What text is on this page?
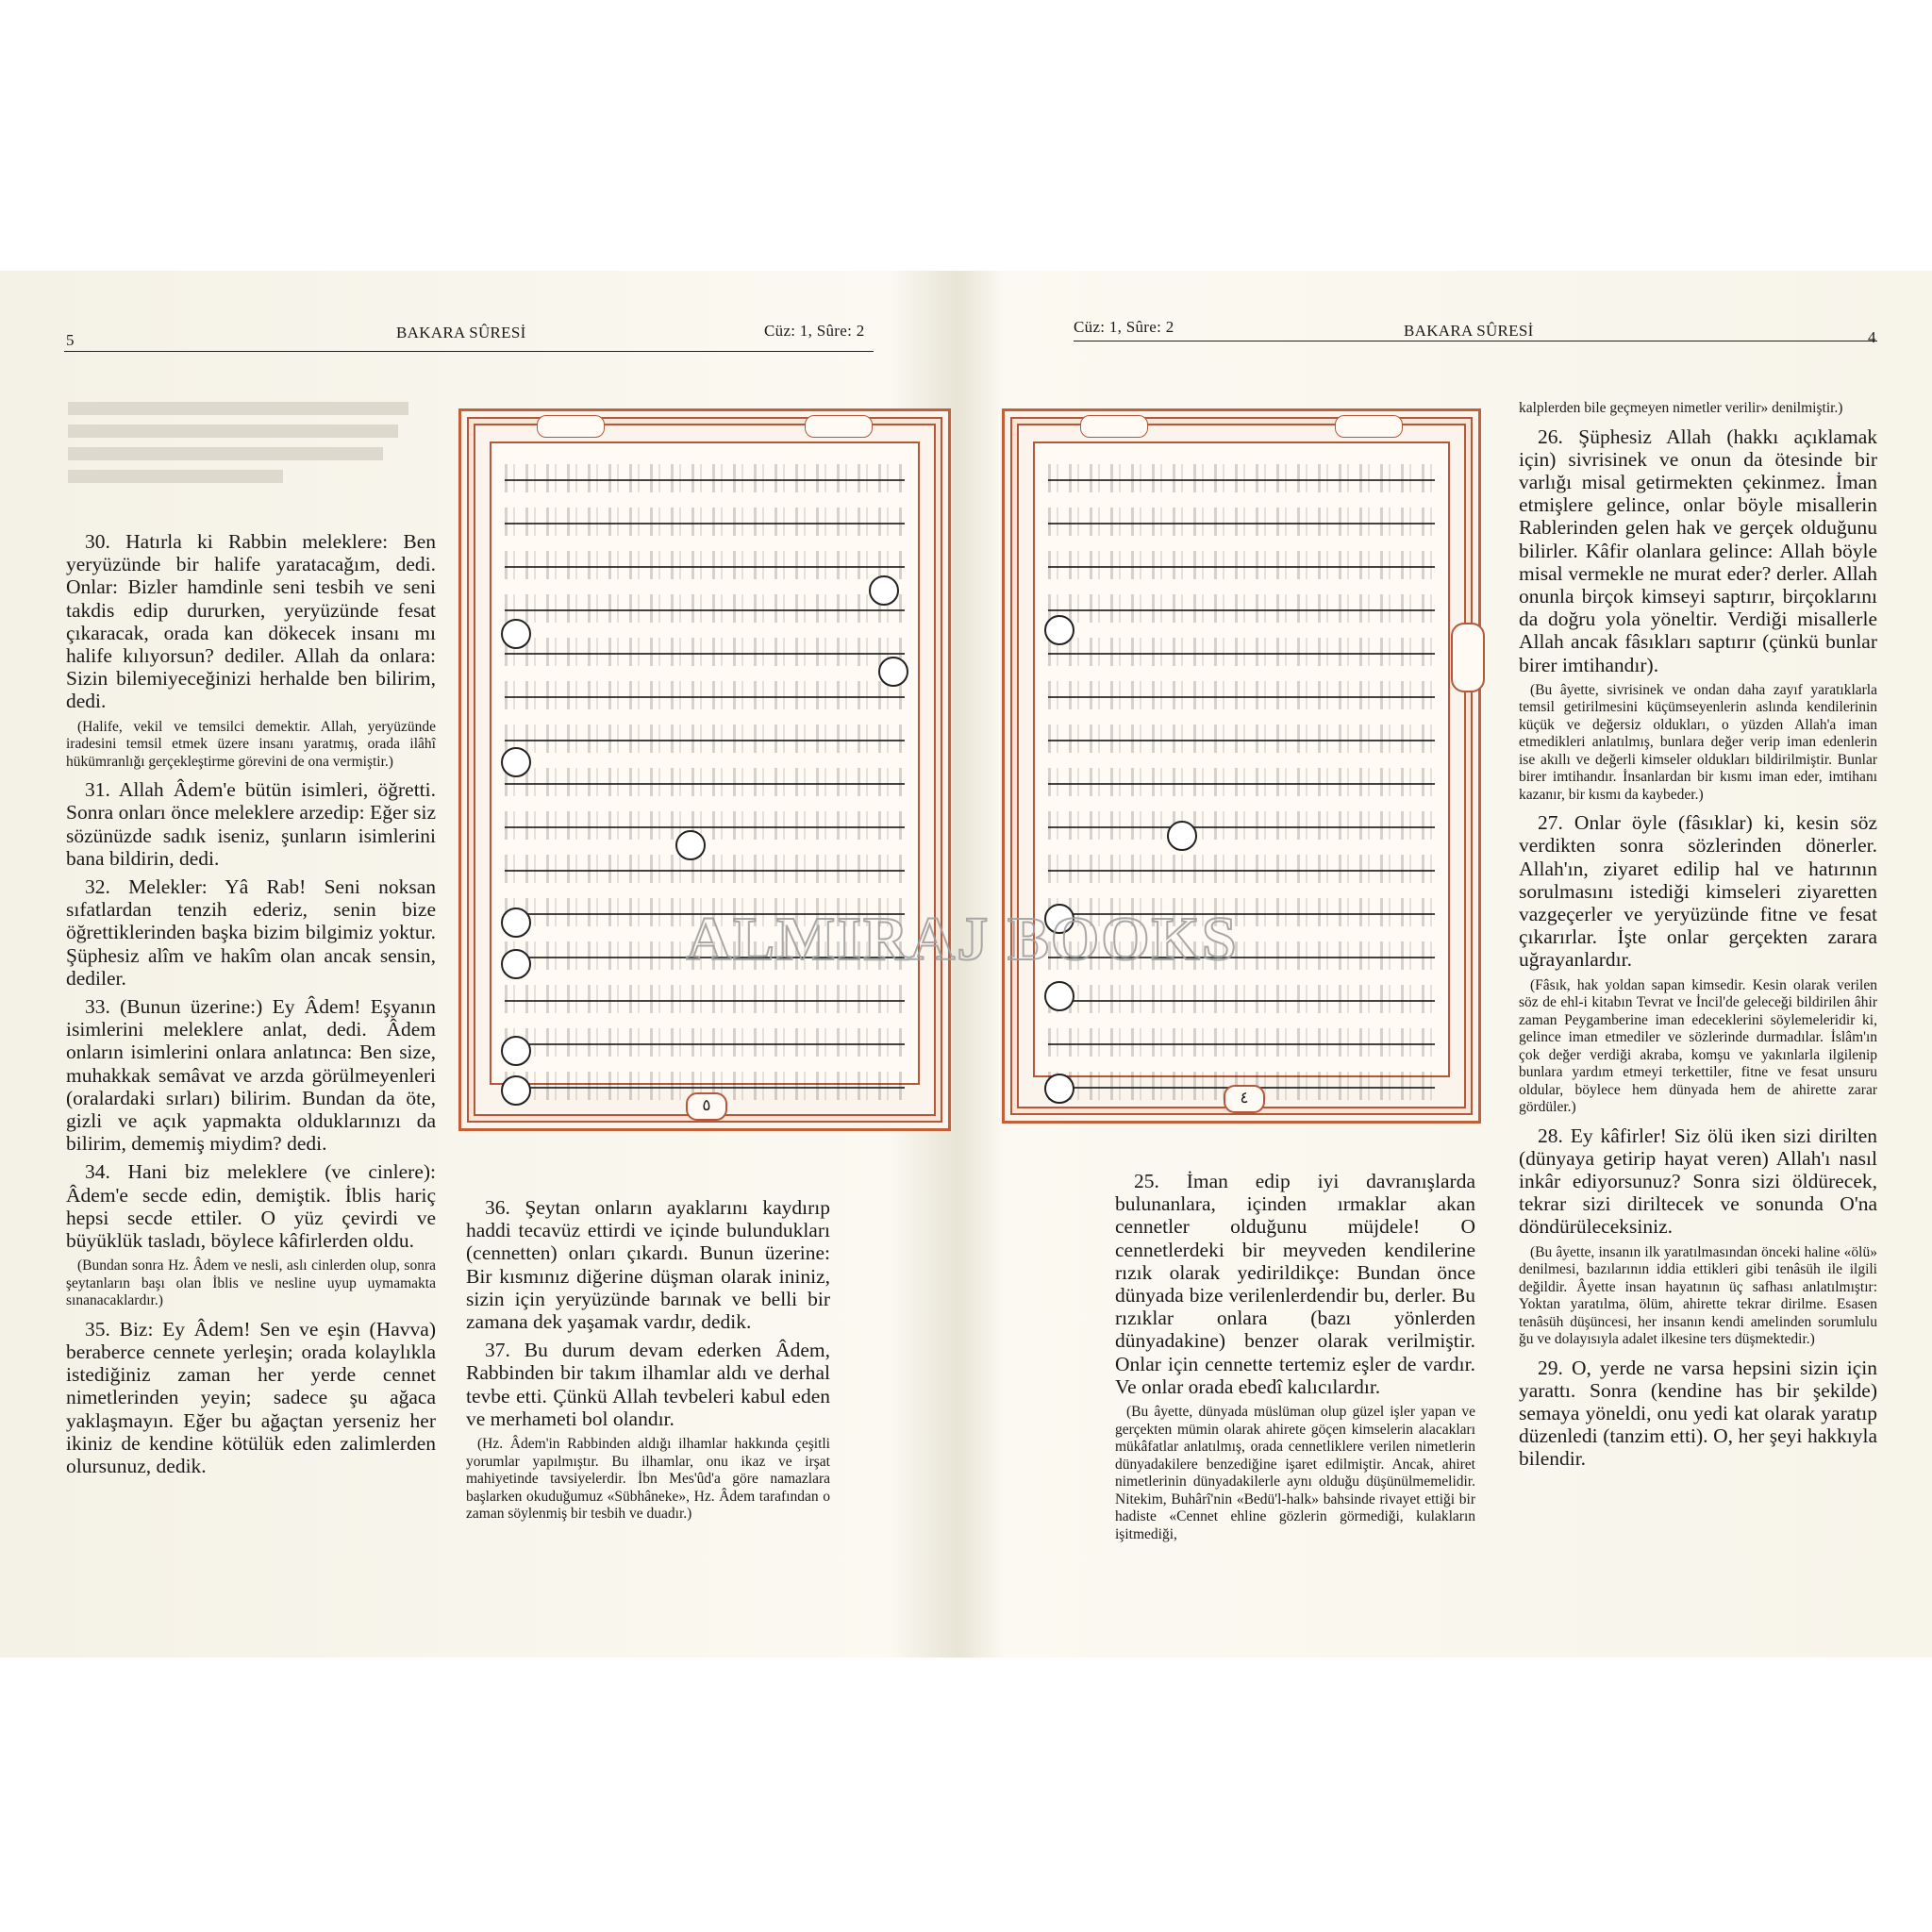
5	BAKARA SÛRESİ	Cüz: 1, Sûre: 2	Cüz: 1, Sûre: 2	BAKARA SÛRESİ	4

30. Hatırla ki Rabbin meleklere: Ben yeryüzünde bir halife yaratacağım, dedi. Onlar: Bizler hamdinle seni tesbih ve seni takdis edip dururken, yeryüzünde fesat çıkaracak, orada kan dökecek insanı mı halife kılıyorsun? dediler. Allah da onlara: Sizin bilemiyeceğinizi herhalde ben bilirim, dedi.

(Halife, vekil ve temsilci demektir. Allah, yeryüzünde iradesini temsil etmek üzere insanı yaratmış, orada ilâhî hükümranlığı gerçekleştirme görevini de ona vermiştir.)

31. Allah Âdem'e bütün isimleri, öğretti. Sonra onları önce meleklere arzedip: Eğer siz sözünüzde sadık iseniz, şunların isimlerini bana bildirin, dedi.

32. Melekler: Yâ Rab! Seni noksan sıfatlardan tenzih ederiz, senin bize öğrettiklerinden başka bizim bilgimiz yoktur. Şüphesiz alîm ve hakîm olan ancak sensin, dediler.

33. (Bunun üzerine:) Ey Âdem! Eşyanın isimlerini meleklere anlat, dedi. Âdem onların isimlerini onlara anlatınca: Ben size, muhakkak semâvat ve arzda görülmeyenleri (oralardaki sırları) bilirim. Bundan da öte, gizli ve açık yapmakta olduklarınızı da bilirim, dememiş miydim? dedi.

34. Hani biz meleklere (ve cinlere): Âdem'e secde edin, demiştik. İblis hariç hepsi secde ettiler. O yüz çevirdi ve büyüklük tasladı, böylece kâfirlerden oldu.

(Bundan sonra Hz. Âdem ve nesli, aslı cinlerden olup, sonra şeytanların başı olan İblis ve nesline uyup uymamakta sınanacaklardır.)

35. Biz: Ey Âdem! Sen ve eşin (Havva) beraberce cennete yerleşin; orada kolaylıkla istediğiniz zaman her yerde cennet nimetlerinden yeyin; sadece şu ağaca yaklaşmayın. Eğer bu ağaçtan yerseniz her ikiniz de kendine kötülük eden zalimlerden olursunuz, dedik.

٥

36. Şeytan onların ayaklarını kaydırıp haddi tecavüz ettirdi ve içinde bulundukları (cennetten) onları çıkardı. Bunun üzerine: Bir kısmınız diğerine düşman olarak ininiz, sizin için yeryüzünde barınak ve belli bir zamana dek yaşamak vardır, dedik.

37. Bu durum devam ederken Âdem, Rabbinden bir takım ilhamlar aldı ve derhal tevbe etti. Çünkü Allah tevbeleri kabul eden ve merhameti bol olandır.

(Hz. Âdem'in Rabbinden aldığı ilhamlar hakkında çeşitli yorumlar yapılmıştır. Bu ilhamlar, onu ikaz ve irşat mahiyetinde tavsiyelerdir. İbn Mes'ûd'a göre namazlara başlarken okuduğumuz «Sübhâneke», Hz. Âdem tarafından o zaman söylenmiş bir tesbih ve duadır.)

٤

25. İman edip iyi davranışlarda bulunanlara, içinden ırmaklar akan cennetler olduğunu müjdele! O cennetlerdeki bir meyveden kendilerine rızık olarak yedirildikçe: Bundan önce dünyada bize verilenlerdendir bu, derler. Bu rızıklar onlara (bazı yönlerden dünyadakine) benzer olarak verilmiştir. Onlar için cennette tertemiz eşler de vardır. Ve onlar orada ebedî kalıcılardır.

(Bu âyette, dünyada müslüman olup güzel işler yapan ve gerçekten mümin olarak ahirete göçen kimselerin alacakları mükâfatlar anlatılmış, orada cennetliklere verilen nimetlerin dünyadakilere benzediğine işaret edilmiştir. Ancak, ahiret nimetlerinin dünyadakilerle aynı olduğu düşünülmemelidir. Nitekim, Buhârî'nin «Bedü'l-halk» bahsinde rivayet ettiği bir hadiste «Cennet ehline gözlerin görmediği, kulakların işitmediği,

kalplerden bile geçmeyen nimetler verilir» denilmiştir.)

26. Şüphesiz Allah (hakkı açıklamak için) sivrisinek ve onun da ötesinde bir varlığı misal getirmekten çekinmez. İman etmişlere gelince, onlar böyle misallerin Rablerinden gelen hak ve gerçek olduğunu bilirler. Kâfir olanlara gelince: Allah böyle misal vermekle ne murat eder? derler. Allah onunla birçok kimseyi saptırır, birçoklarını da doğru yola yöneltir. Verdiği misallerle Allah ancak fâsıkları saptırır (çünkü bunlar birer imtihandır).

(Bu âyette, sivrisinek ve ondan daha zayıf yaratıklarla temsil getirilmesini küçümseyenlerin aslında kendilerinin küçük ve değersiz oldukları, o yüzden Allah'a iman etmedikleri anlatılmış, bunlara değer verip iman edenlerin ise akıllı ve değerli kimseler oldukları bildirilmiştir. Bunlar birer imtihandır. İnsanlardan bir kısmı iman eder, imtihanı kazanır, bir kısmı da kaybeder.)

27. Onlar öyle (fâsıklar) ki, kesin söz verdikten sonra sözlerinden dönerler. Allah'ın, ziyaret edilip hal ve hatırının sorulmasını istediği kimseleri ziyaretten vazgeçerler ve yeryüzünde fitne ve fesat çıkarırlar. İşte onlar gerçekten zarara uğrayanlardır.

(Fâsık, hak yoldan sapan kimsedir. Kesin olarak verilen söz de ehl-i kitabın Tevrat ve İncil'de geleceği bildirilen âhir zaman Peygamberine iman edeceklerini söylemeleridir ki, gelince iman etmediler ve sözlerinde durmadılar. İslâm'ın çok değer verdiği akraba, komşu ve yakınlarla ilgilenip bunlara yardım etmeyi terkettiler, fitne ve fesat unsuru oldular, böylece hem dünyada hem de ahirette zarar gördüler.)

28. Ey kâfirler! Siz ölü iken sizi dirilten (dünyaya getirip hayat veren) Allah'ı nasıl inkâr ediyorsunuz? Sonra sizi öldürecek, tekrar sizi diriltecek ve sonunda O'na döndürüleceksiniz.

(Bu âyette, insanın ilk yaratılmasından önceki haline «ölü» denilmesi, bazılarının iddia ettikleri gibi tenâsüh ile ilgili değildir. Âyette insan hayatının üç safhası anlatılmıştır: Yoktan yaratılma, ölüm, ahirette tekrar dirilme. Esasen tenâsüh düşüncesi, her insanın kendi amelinden sorumlulu ğu ve dolayısıyla adalet ilkesine ters düşmektedir.)

29. O, yerde ne varsa hepsini sizin için yarattı. Sonra (kendine has bir şekilde) semaya yöneldi, onu yedi kat olarak yaratıp düzenledi (tanzim etti). O, her şeyi hakkıyla bilendir.

ALMIRAJ BOOKS
